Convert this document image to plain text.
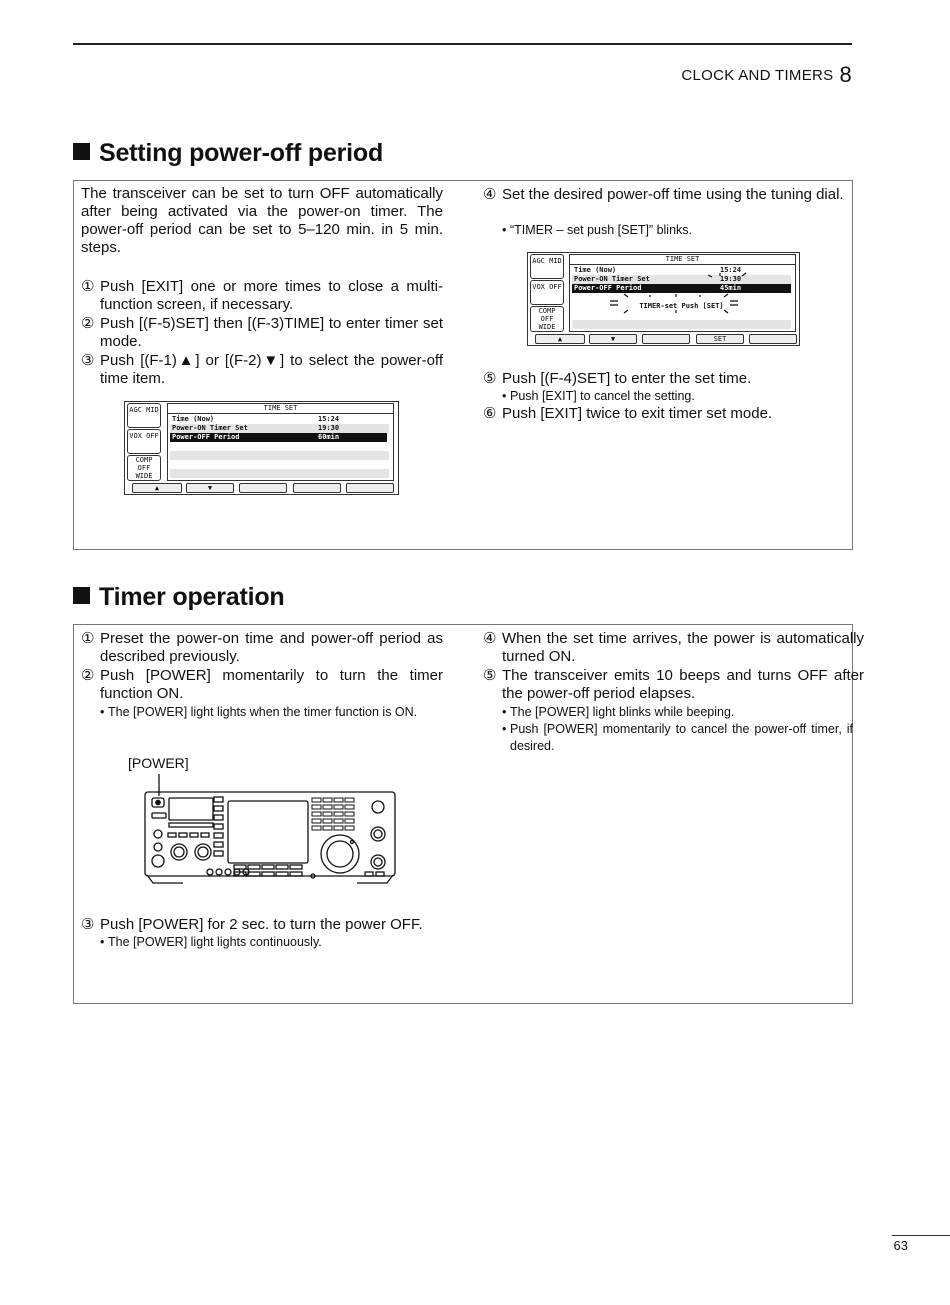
CLOCK AND TIMERS 8
Setting power-off period
The transceiver can be set to turn OFF automatically after being activated via the power-on timer. The power-off period can be set to 5–120 min. in 5 min. steps.
① Push [EXIT] one or more times to close a multi-function screen, if necessary.
② Push [(F-5)SET] then [(F-3)TIME] to enter timer set mode.
③ Push [(F-1)▲] or [(F-2)▼] to select the power-off time item.
AGC MID
VOX OFF
COMP OFF WIDE
TIME SET
Time (Now)	15:24
Power-ON Timer Set	19:30
Power-OFF Period	60min
▲	▼
④ Set the desired power-off time using the tuning dial.
• “TIMER – set push [SET]” blinks.
AGC MID
VOX OFF
COMP OFF WIDE
TIME SET
Time (Now)	15:24
Power-ON Timer Set	19:30
Power-OFF Period	45min
TIMER-set Push [SET]
▲	▼	SET
⑤ Push [(F-4)SET] to enter the set time.
• Push [EXIT] to cancel the setting.
⑥ Push [EXIT] twice to exit timer set mode.
Timer operation
① Preset the power-on time and power-off period as described previously.
② Push [POWER] momentarily to turn the timer function ON.
• The [POWER] light lights when the timer function is ON.
[POWER]
③ Push [POWER] for 2 sec. to turn the power OFF.
• The [POWER] light lights continuously.
④ When the set time arrives, the power is automatically turned ON.
⑤ The transceiver emits 10 beeps and turns OFF after the power-off period elapses.
• The [POWER] light blinks while beeping.
• Push [POWER] momentarily to cancel the power-off timer, if desired.
63
